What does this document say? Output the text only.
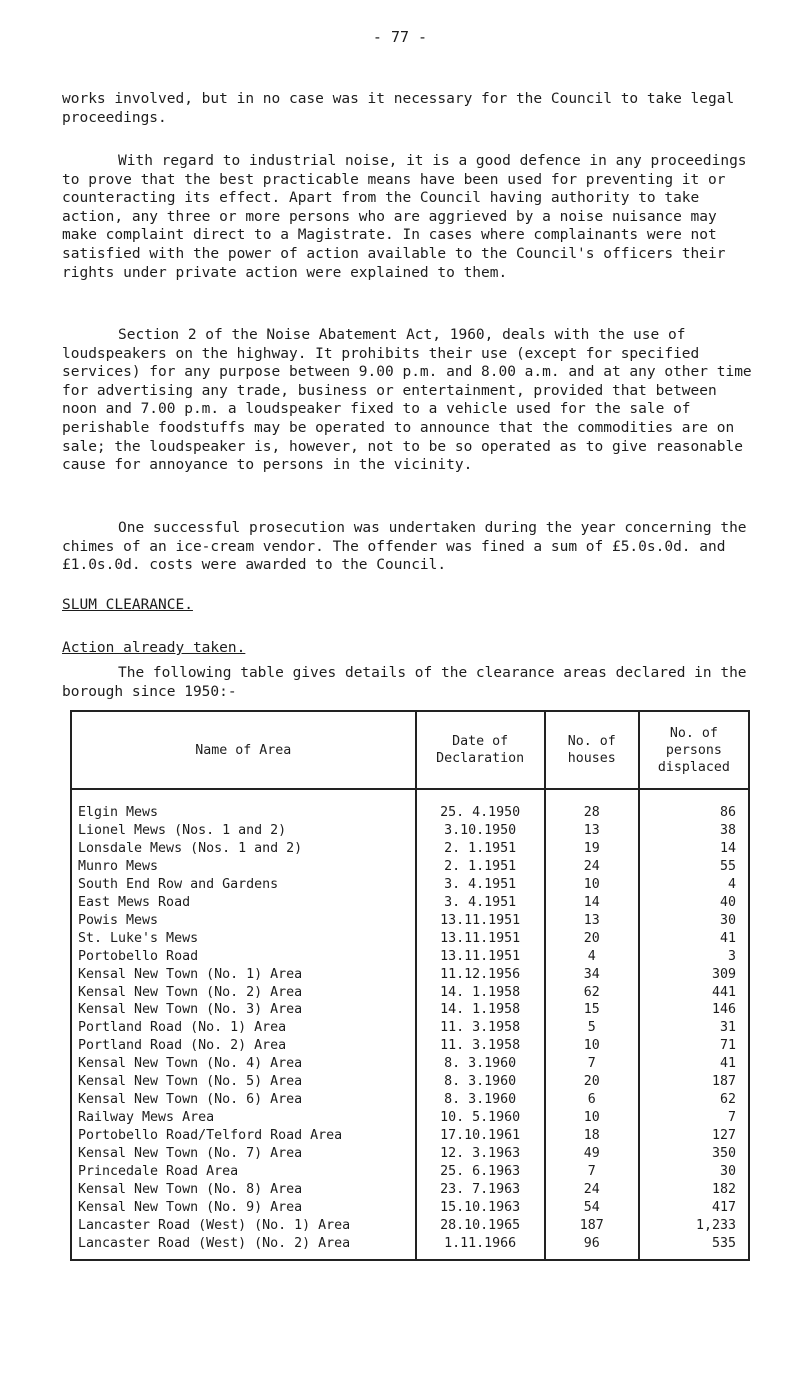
- 77 -

works involved, but in no case was it necessary for the Council to take legal proceedings.

With regard to industrial noise, it is a good defence in any proceedings to prove that the best practicable means have been used for preventing it or counteracting its effect. Apart from the Council having authority to take action, any three or more persons who are aggrieved by a noise nuisance may make complaint direct to a Magistrate. In cases where complainants were not satisfied with the power of action available to the Council's officers their rights under private action were explained to them.

Section 2 of the Noise Abatement Act, 1960, deals with the use of loudspeakers on the highway. It prohibits their use (except for specified services) for any purpose between 9.00 p.m. and 8.00 a.m. and at any other time for advertising any trade, business or entertainment, provided that between noon and 7.00 p.m. a loudspeaker fixed to a vehicle used for the sale of perishable foodstuffs may be operated to announce that the commodities are on sale; the loudspeaker is, however, not to be so operated as to give reasonable cause for annoyance to persons in the vicinity.

One successful prosecution was undertaken during the year concerning the chimes of an ice-cream vendor. The offender was fined a sum of £5.0s.0d. and £1.0s.0d. costs were awarded to the Council.

SLUM CLEARANCE.

Action already taken.

The following table gives details of the clearance areas declared in the borough since 1950:-

Name of Area	Date of Declaration	No. of houses	No. of persons displaced
Elgin Mews	25. 4.1950	28	86
Lionel Mews (Nos. 1 and 2)	3.10.1950	13	38
Lonsdale Mews (Nos. 1 and 2)	2. 1.1951	19	14
Munro Mews	2. 1.1951	24	55
South End Row and Gardens	3. 4.1951	10	4
East Mews Road	3. 4.1951	14	40
Powis Mews	13.11.1951	13	30
St. Luke's Mews	13.11.1951	20	41
Portobello Road	13.11.1951	4	3
Kensal New Town (No. 1) Area	11.12.1956	34	309
Kensal New Town (No. 2) Area	14. 1.1958	62	441
Kensal New Town (No. 3) Area	14. 1.1958	15	146
Portland Road (No. 1) Area	11. 3.1958	5	31
Portland Road (No. 2) Area	11. 3.1958	10	71
Kensal New Town (No. 4) Area	8. 3.1960	7	41
Kensal New Town (No. 5) Area	8. 3.1960	20	187
Kensal New Town (No. 6) Area	8. 3.1960	6	62
Railway Mews Area	10. 5.1960	10	7
Portobello Road/Telford Road Area	17.10.1961	18	127
Kensal New Town (No. 7) Area	12. 3.1963	49	350
Princedale Road Area	25. 6.1963	7	30
Kensal New Town (No. 8) Area	23. 7.1963	24	182
Kensal New Town (No. 9) Area	15.10.1963	54	417
Lancaster Road (West) (No. 1) Area	28.10.1965	187	1,233
Lancaster Road (West) (No. 2) Area	1.11.1966	96	535
